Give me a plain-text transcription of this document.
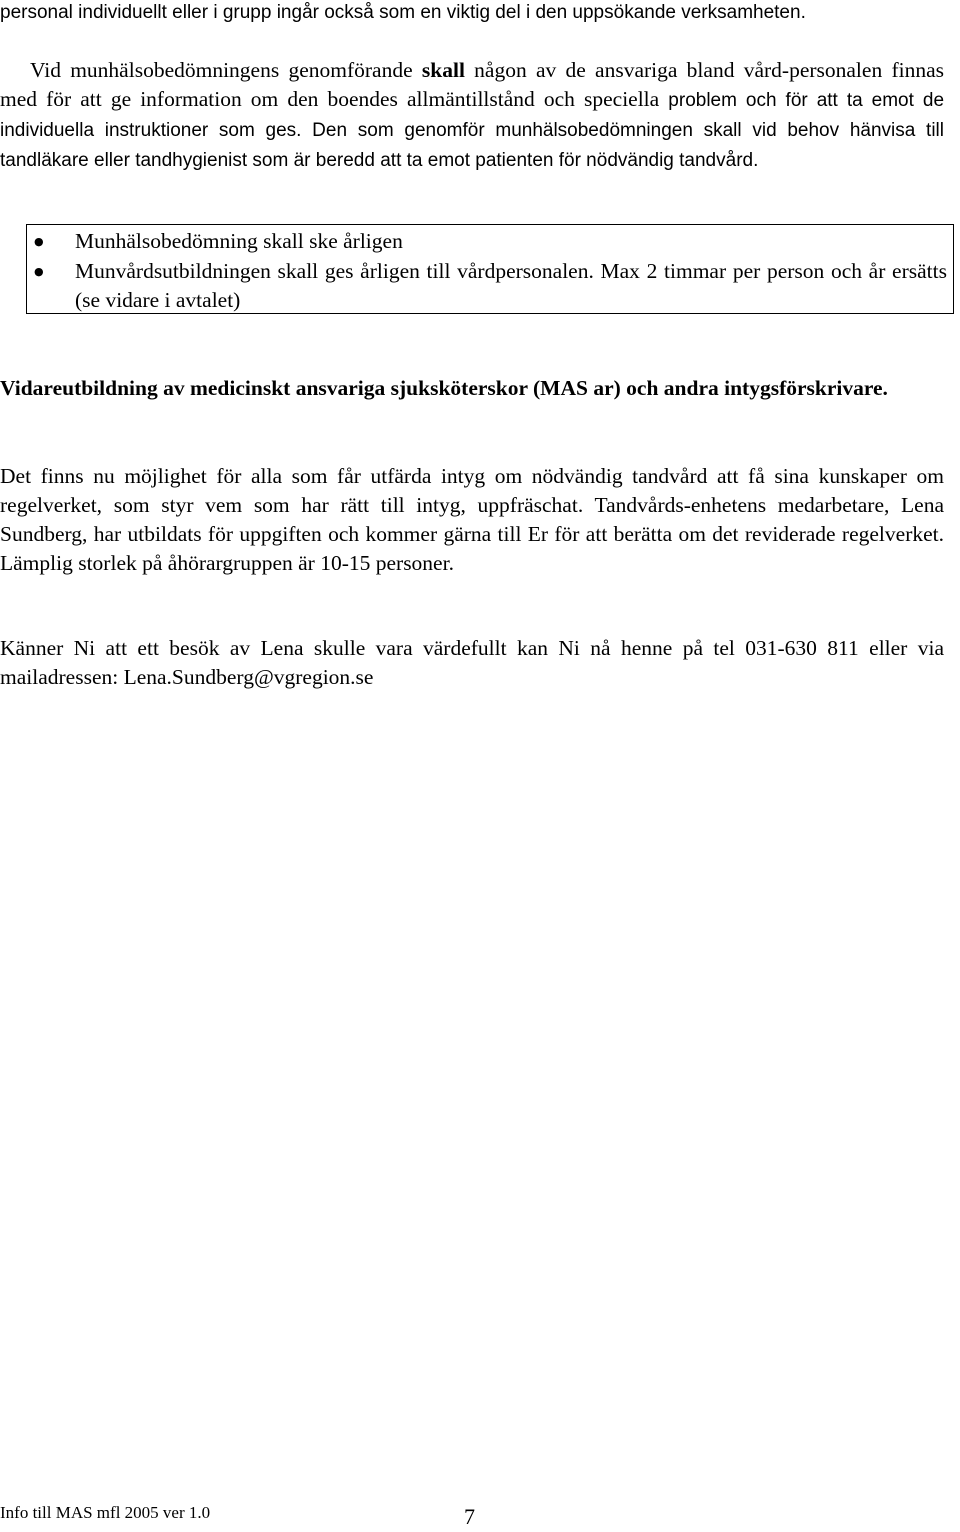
personal individuellt eller i grupp ingår också som en viktig del i den uppsökande verksamheten.

Vid munhälsobedömningens genomförande skall någon av de ansvariga bland vård-personalen finnas med för att ge information om den boendes allmäntillstånd och speciella problem och för att ta emot de individuella instruktioner som ges. Den som genomför munhälsobedömningen skall vid behov hänvisa till tandläkare eller tandhygienist som är beredd att ta emot patienten för nödvändig tandvård.

● Munhälsobedömning skall ske årligen
● Munvårdsutbildningen skall ges årligen till vårdpersonalen. Max 2 timmar per person och år ersätts (se vidare i avtalet)

Vidareutbildning av medicinskt ansvariga sjuksköterskor (MAS ar) och andra intygsförskrivare.

Det finns nu möjlighet för alla som får utfärda intyg om nödvändig tandvård att få sina kunskaper om regelverket, som styr vem som har rätt till intyg, uppfräschat. Tandvårds-enhetens medarbetare, Lena Sundberg, har utbildats för uppgiften och kommer gärna till Er för att berätta om det reviderade regelverket. Lämplig storlek på åhörargruppen är 10-15 personer.

Känner Ni att ett besök av Lena skulle vara värdefullt kan Ni nå henne på tel 031-630 811 eller via mailadressen: Lena.Sundberg@vgregion.se

Info till MAS mfl 2005 ver 1.0	7
